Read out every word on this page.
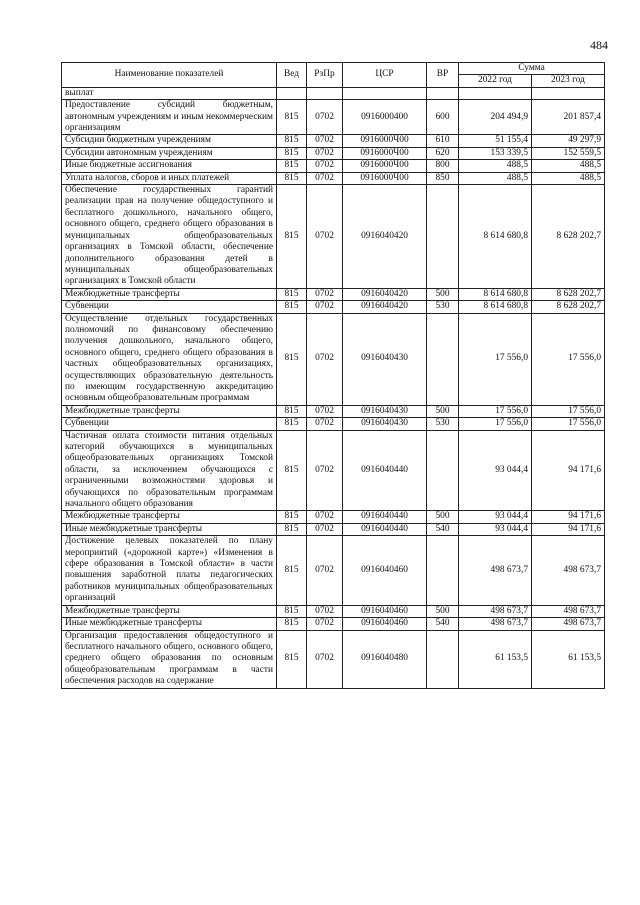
484
Наименование показателей	Вед	РзПр	ЦСР	ВР	Сумма	
					2022 год	2023 год
выплат						
Предоставление субсидий бюджетным, автономным учреждениям и иным некоммерческим организациям	815	0702	09160004​00	600	204 494,9	201 857,4
Субсидии бюджетным учреждениям	815	0702	0916000Ч00	610	51 155,4	49 297,9
Субсидии автономным учреждениям	815	0702	0916000Ч00	620	153 339,5	152 559,5
Иные бюджетные ассигнования	815	0702	0916000Ч00	800	488,5	488,5
Уплата налогов, сборов и иных платежей	815	0702	0916000Ч00	850	488,5	488,5
Обеспечение государственных гарантий реализации прав на получение общедоступного и бесплатного дошкольного, начального общего, основного общего, среднего общего образования в муниципальных общеобразовательных организациях в Томской области, обеспечение дополнительного образования детей в муниципальных общеобразовательных организациях в Томской области	815	0702	0916040420		8 614 680,8	8 628 202,7
Межбюджетные трансферты	815	0702	0916040420	500	8 614 680,8	8 628 202,7
Субвенции	815	0702	0916040420	530	8 614 680,8	8 628 202,7
Осуществление отдельных государственных полномочий по финансовому обеспечению получения дошкольного, начального общего, основного общего, среднего общего образования в частных общеобразовательных организациях, осуществляющих образовательную деятельность по имеющим государственную аккредитацию основным общеобразовательным программам	815	0702	0916040430		17 556,0	17 556,0
Межбюджетные трансферты	815	0702	0916040430	500	17 556,0	17 556,0
Субвенции	815	0702	0916040430	530	17 556,0	17 556,0
Частичная оплата стоимости питания отдельных категорий обучающихся в муниципальных общеобразовательных организациях Томской области, за исключением обучающихся с ограниченными возможностями здоровья и обучающихся по образовательным программам начального общего образования	815	0702	0916040440		93 044,4	94 171,6
Межбюджетные трансферты	815	0702	0916040440	500	93 044,4	94 171,6
Иные межбюджетные трансферты	815	0702	0916040440	540	93 044,4	94 171,6
Достижение целевых показателей по плану мероприятий («дорожной карте») «Изменения в сфере образования в Томской области» в части повышения заработной платы педагогических работников муниципальных общеобразовательных организаций	815	0702	0916040460		498 673,7	498 673,7
Межбюджетные трансферты	815	0702	0916040460	500	498 673,7	498 673,7
Иные межбюджетные трансферты	815	0702	0916040460	540	498 673,7	498 673,7
Организация предоставления общедоступного и бесплатного начального общего, основного общего, среднего общего образования по основным общеобразовательным программам в части обеспечения расходов на содержание	815	0702	0916040480		61 153,5	61 153,5
